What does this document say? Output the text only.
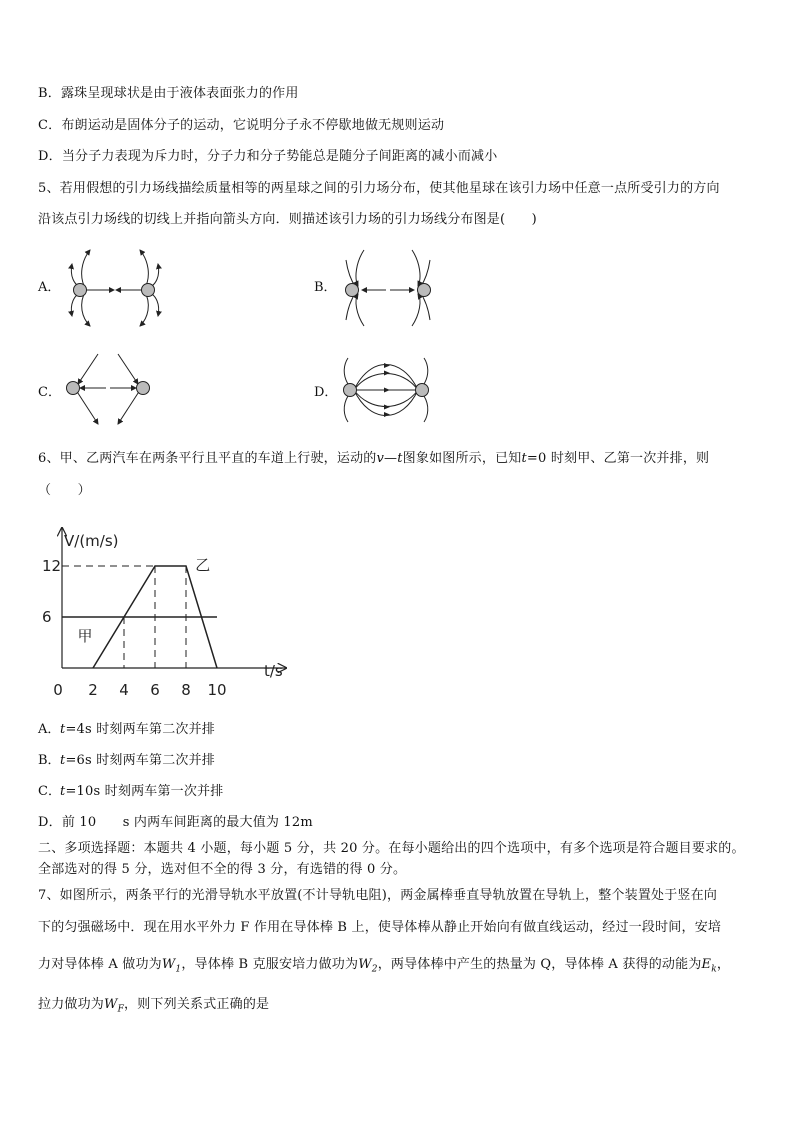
B．露珠呈现球状是由于液体表面张力的作用
C．布朗运动是固体分子的运动，它说明分子永不停歇地做无规则运动
D．当分子力表现为斥力时，分子力和分子势能总是随分子间距离的减小而减小
5、若用假想的引力场线描绘质量相等的两星球之间的引力场分布，使其他星球在该引力场中任意一点所受引力的方向
沿该点引力场线的切线上并指向箭头方向．则描述该引力场的引力场线分布图是(　　)
A．	B．
C．	D．
6、甲、乙两汽车在两条平行且平直的车道上行驶，运动的v—t图象如图所示，已知t=0 时刻甲、乙第一次并排，则
（　　）
V/(m/s)
t/s
6
12
0 2 4 6 8 10
甲
乙
A． t=4s 时刻两车第二次并排
B． t=6s 时刻两车第二次并排
C． t=10s 时刻两车第一次并排
D．前 10　　s 内两车间距离的最大值为 12m
二、多项选择题：本题共 4 小题，每小题 5 分，共 20 分。在每小题给出的四个选项中，有多个选项是符合题目要求的。
全部选对的得 5 分，选对但不全的得 3 分，有选错的得 0 分。
7、如图所示，两条平行的光滑导轨水平放置(不计导轨电阻)，两金属棒垂直导轨放置在导轨上，整个装置处于竖在向
下的匀强磁场中．现在用水平外力 F 作用在导体棒 B 上，使导体棒从静止开始向有做直线运动，经过一段时间，安培
力对导体棒 A 做功为$W_1$，导体棒 B 克服安培力做功为$W_2$，两导体棒中产生的热量为 Q，导体棒 A 获得的动能为$E_k$，
拉力做功为$W_F$，则下列关系式正确的是
